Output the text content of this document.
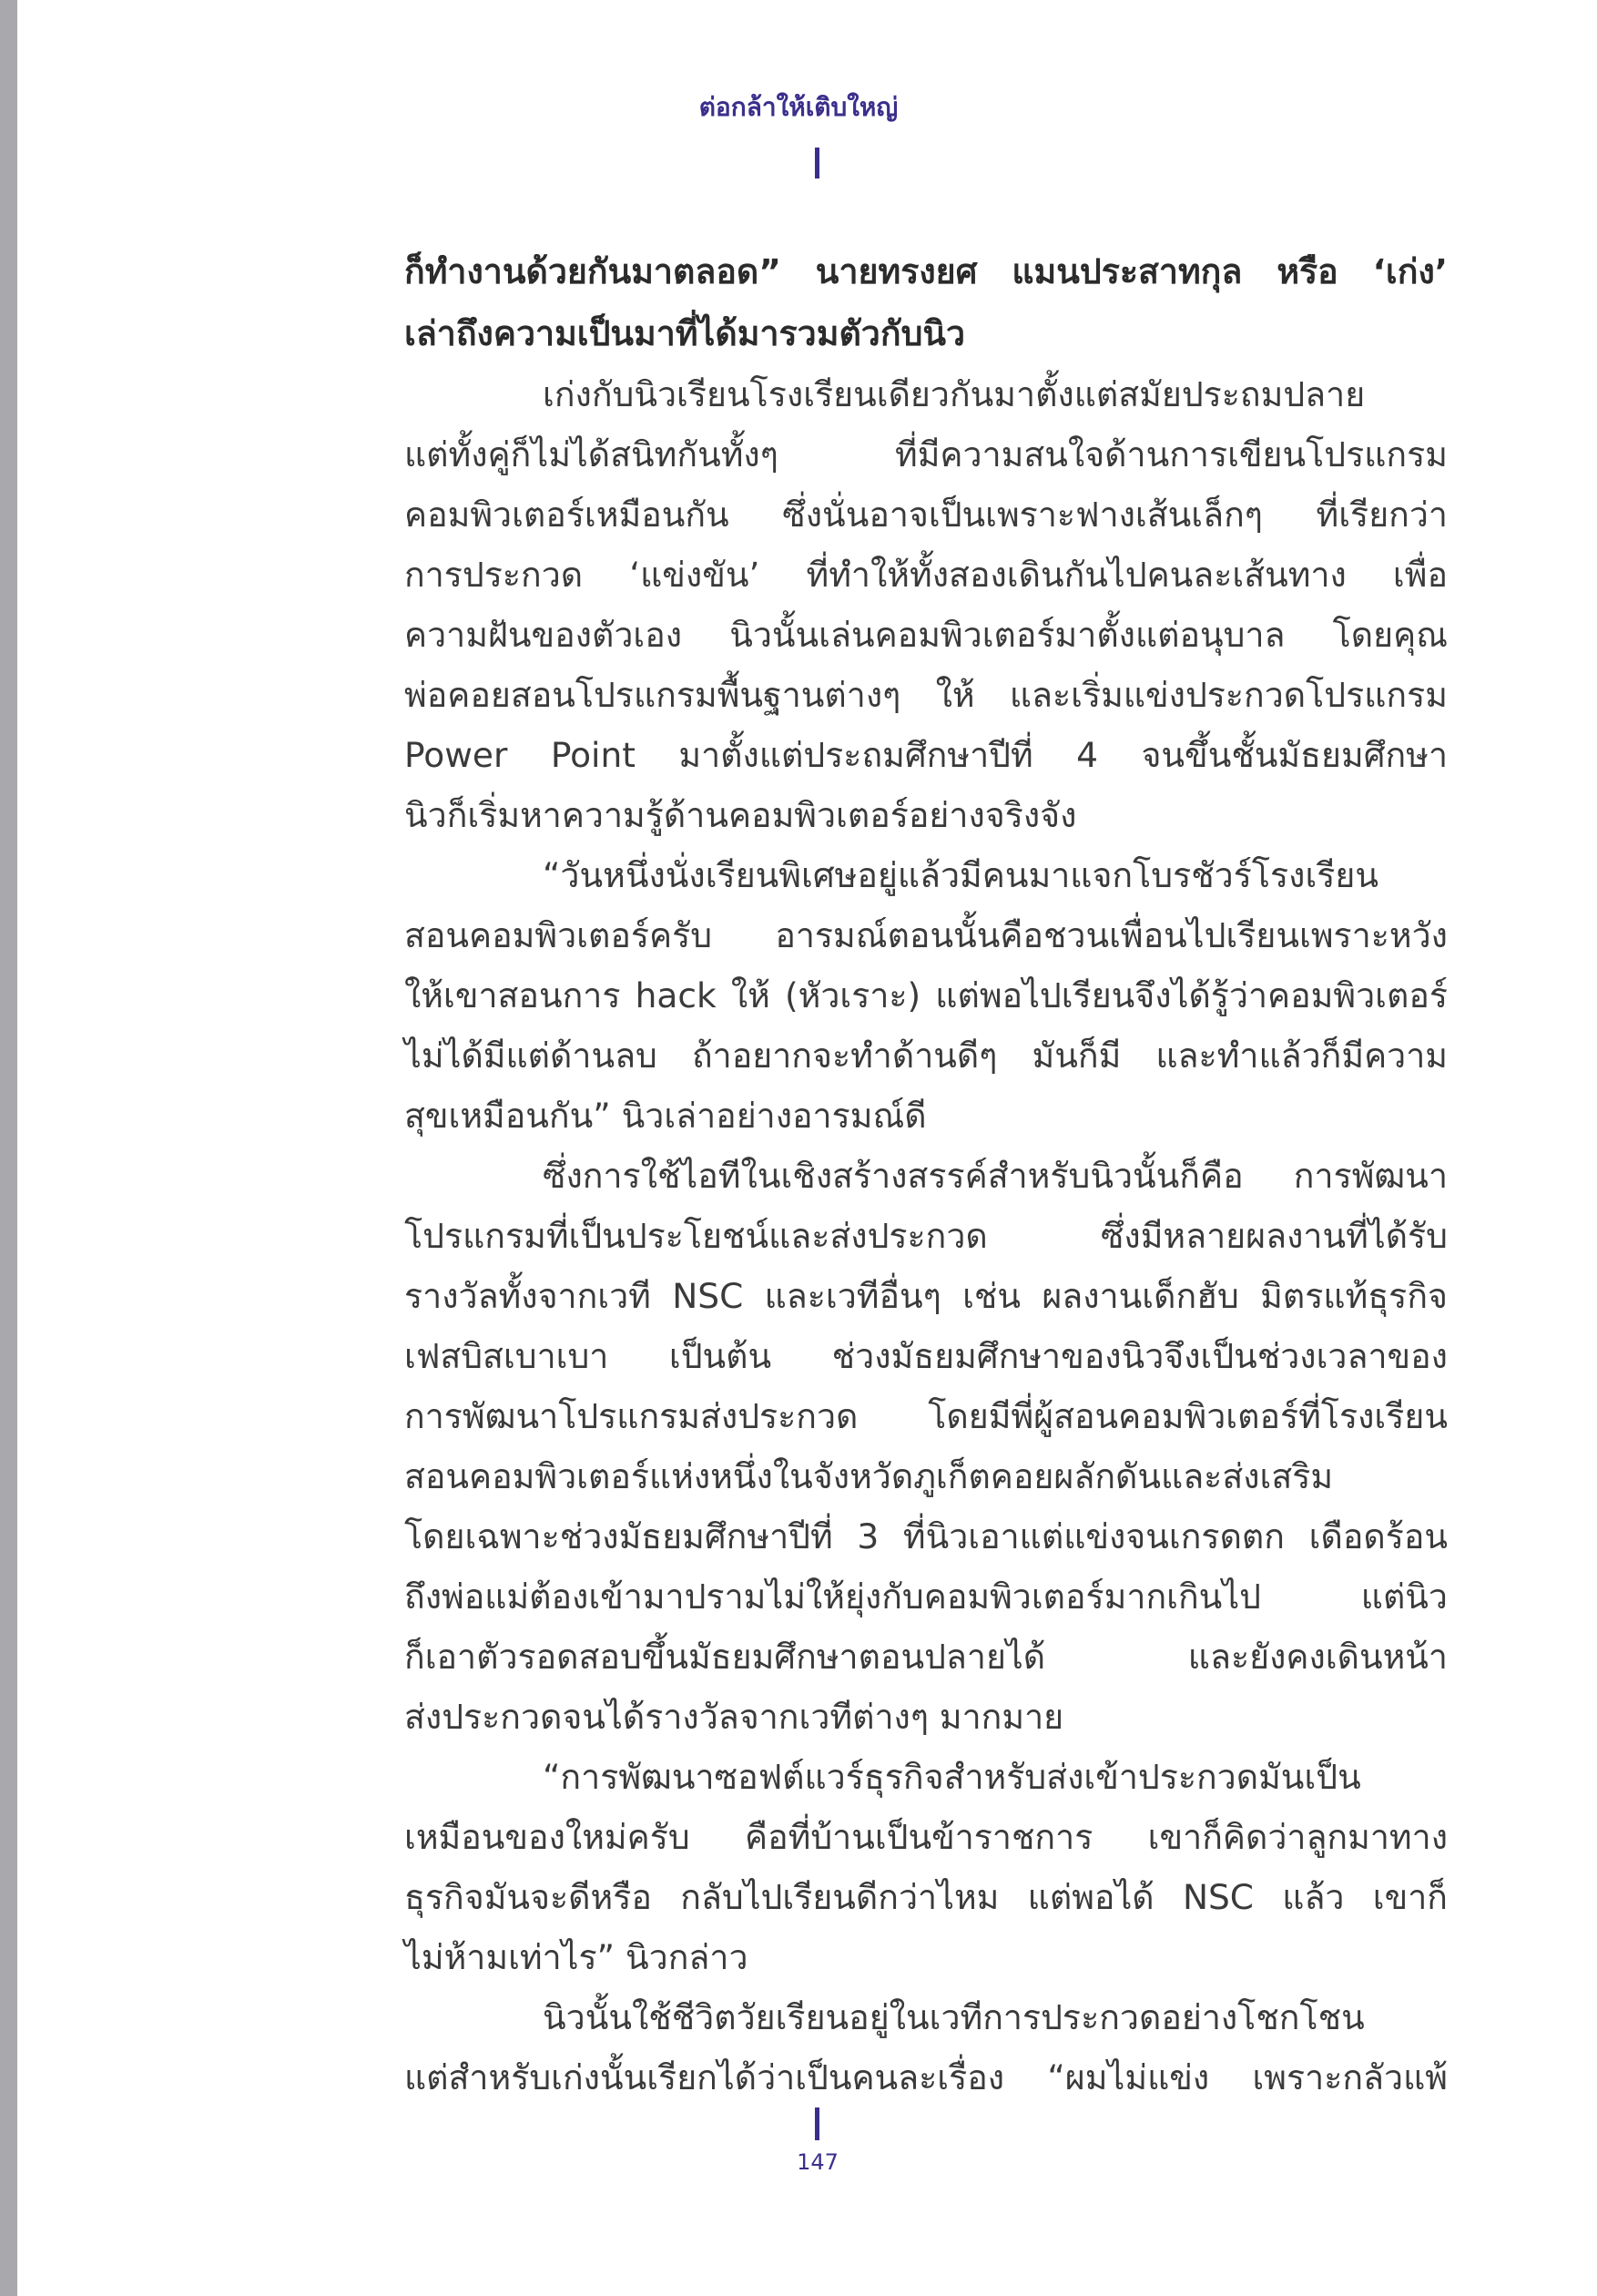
ต่อกล้าให้เติบใหญ่
ก็ทำงานด้วยกันมาตลอด” นายทรงยศ แมนประสาทกุล หรือ ‘เก่ง’
เล่าถึงความเป็นมาที่ได้มารวมตัวกับนิว
เก่งกับนิวเรียนโรงเรียนเดียวกันมาตั้งแต่สมัยประถมปลาย
แต่ทั้งคู่ก็ไม่ได้สนิทกันทั้งๆ ที่มีความสนใจด้านการเขียนโปรแกรม
คอมพิวเตอร์เหมือนกัน ซึ่งนั่นอาจเป็นเพราะฟางเส้นเล็กๆ ที่เรียกว่า
การประกวด ‘แข่งขัน’ ที่ทำให้ทั้งสองเดินกันไปคนละเส้นทาง เพื่อ
ความฝันของตัวเอง นิวนั้นเล่นคอมพิวเตอร์มาตั้งแต่อนุบาล โดยคุณ
พ่อคอยสอนโปรแกรมพื้นฐานต่างๆ ให้ และเริ่มแข่งประกวดโปรแกรม
Power Point มาตั้งแต่ประถมศึกษาปีที่ 4 จนขึ้นชั้นมัธยมศึกษา
นิวก็เริ่มหาความรู้ด้านคอมพิวเตอร์อย่างจริงจัง
“วันหนึ่งนั่งเรียนพิเศษอยู่แล้วมีคนมาแจกโบรชัวร์โรงเรียน
สอนคอมพิวเตอร์ครับ อารมณ์ตอนนั้นคือชวนเพื่อนไปเรียนเพราะหวัง
ให้เขาสอนการ hack ให้ (หัวเราะ) แต่พอไปเรียนจึงได้รู้ว่าคอมพิวเตอร์
ไม่ได้มีแต่ด้านลบ ถ้าอยากจะทำด้านดีๆ มันก็มี และทำแล้วก็มีความ
สุขเหมือนกัน” นิวเล่าอย่างอารมณ์ดี
ซึ่งการใช้ไอทีในเชิงสร้างสรรค์สำหรับนิวนั้นก็คือ การพัฒนา
โปรแกรมที่เป็นประโยชน์และส่งประกวด ซึ่งมีหลายผลงานที่ได้รับ
รางวัลทั้งจากเวที NSC และเวทีอื่นๆ เช่น ผลงานเด็กฮับ มิตรแท้ธุรกิจ
เฟสบิสเบาเบา เป็นต้น ช่วงมัธยมศึกษาของนิวจึงเป็นช่วงเวลาของ
การพัฒนาโปรแกรมส่งประกวด โดยมีพี่ผู้สอนคอมพิวเตอร์ที่โรงเรียน
สอนคอมพิวเตอร์แห่งหนึ่งในจังหวัดภูเก็ตคอยผลักดันและส่งเสริม
โดยเฉพาะช่วงมัธยมศึกษาปีที่ 3 ที่นิวเอาแต่แข่งจนเกรดตก เดือดร้อน
ถึงพ่อแม่ต้องเข้ามาปรามไม่ให้ยุ่งกับคอมพิวเตอร์มากเกินไป แต่นิว
ก็เอาตัวรอดสอบขึ้นมัธยมศึกษาตอนปลายได้ และยังคงเดินหน้า
ส่งประกวดจนได้รางวัลจากเวทีต่างๆ มากมาย
“การพัฒนาซอฟต์แวร์ธุรกิจสำหรับส่งเข้าประกวดมันเป็น
เหมือนของใหม่ครับ คือที่บ้านเป็นข้าราชการ เขาก็คิดว่าลูกมาทาง
ธุรกิจมันจะดีหรือ กลับไปเรียนดีกว่าไหม แต่พอได้ NSC แล้ว เขาก็
ไม่ห้ามเท่าไร” นิวกล่าว
นิวนั้นใช้ชีวิตวัยเรียนอยู่ในเวทีการประกวดอย่างโชกโชน
แต่สำหรับเก่งนั้นเรียกได้ว่าเป็นคนละเรื่อง “ผมไม่แข่ง เพราะกลัวแพ้
147
